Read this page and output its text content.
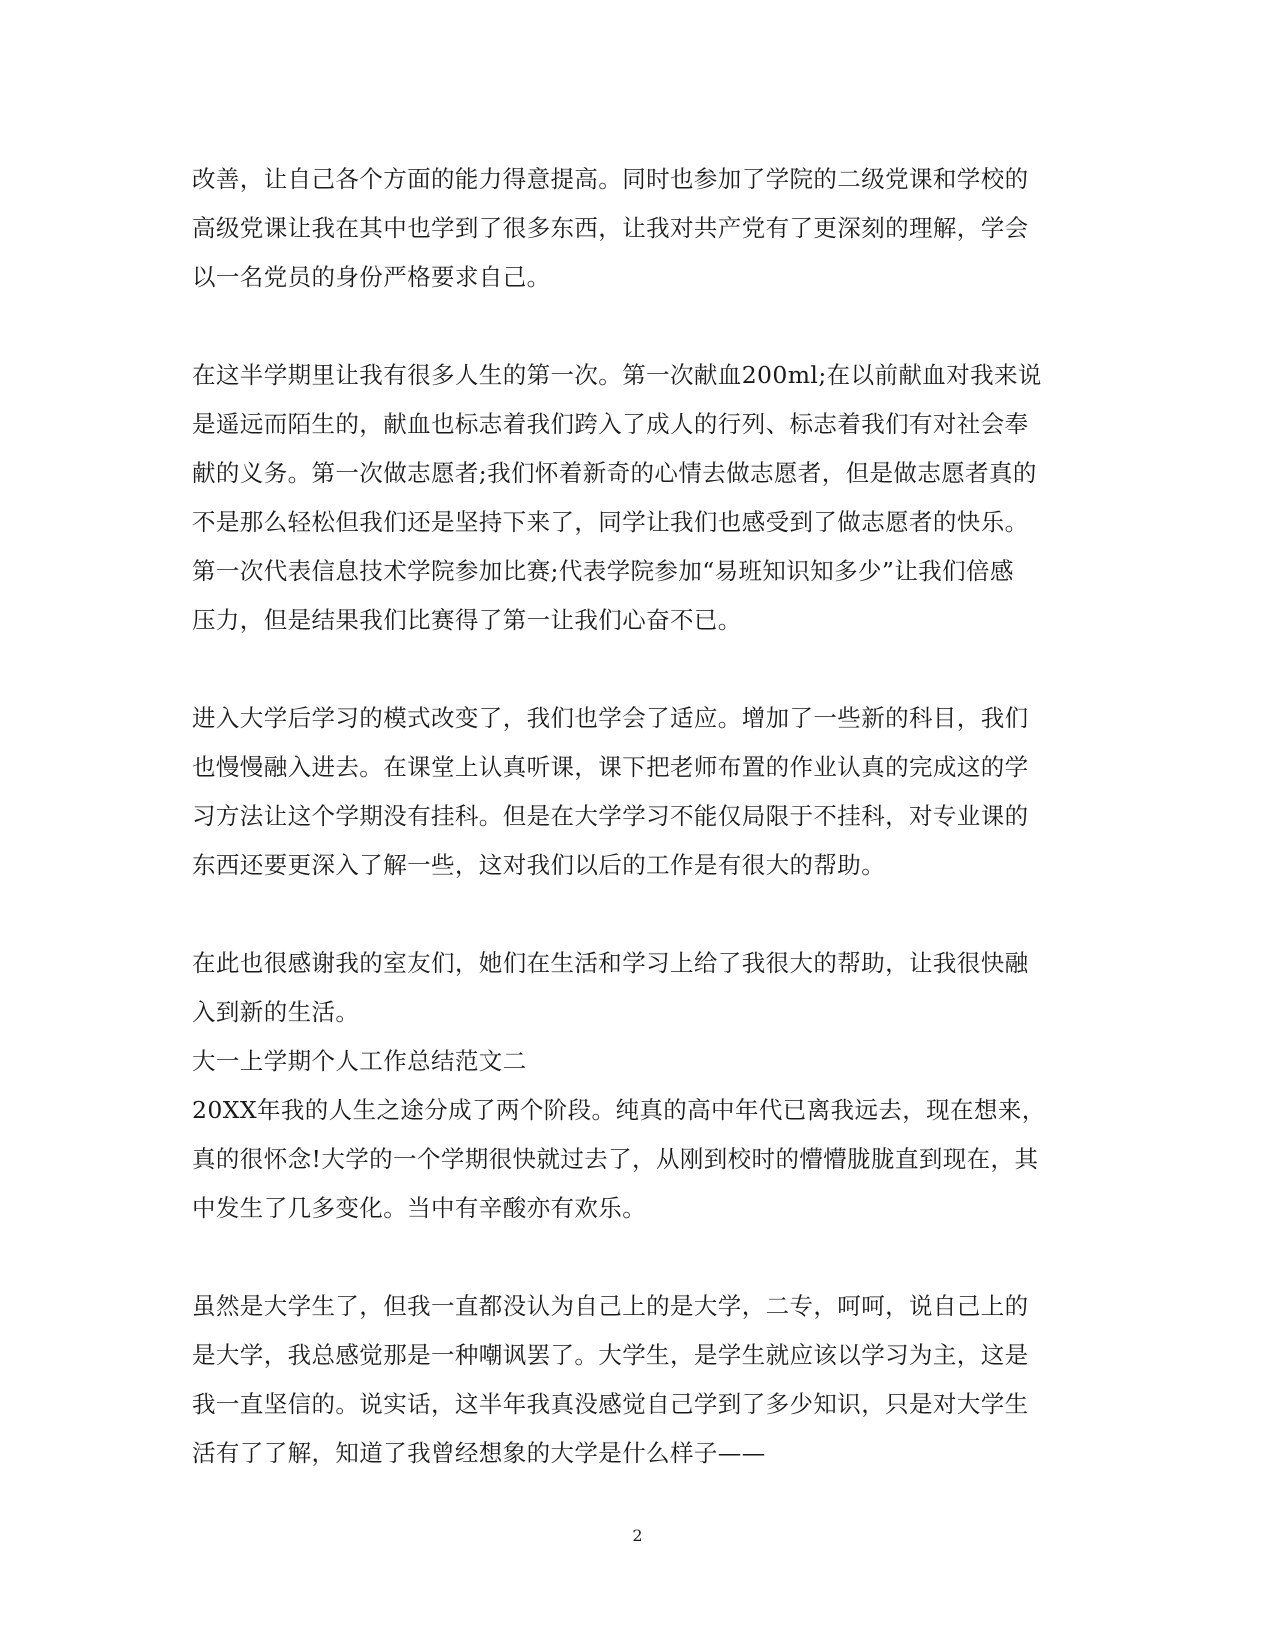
改善，让自己各个方面的能力得意提高。同时也参加了学院的二级党课和学校的
高级党课让我在其中也学到了很多东西，让我对共产党有了更深刻的理解，学会
以一名党员的身份严格要求自己。

在这半学期里让我有很多人生的第一次。第一次献血200ml;在以前献血对我来说
是遥远而陌生的，献血也标志着我们跨入了成人的行列、标志着我们有对社会奉
献的义务。第一次做志愿者;我们怀着新奇的心情去做志愿者，但是做志愿者真的
不是那么轻松但我们还是坚持下来了，同学让我们也感受到了做志愿者的快乐。
第一次代表信息技术学院参加比赛;代表学院参加“易班知识知多少”让我们倍感
压力，但是结果我们比赛得了第一让我们心奋不已。

进入大学后学习的模式改变了，我们也学会了适应。增加了一些新的科目，我们
也慢慢融入进去。在课堂上认真听课，课下把老师布置的作业认真的完成这的学
习方法让这个学期没有挂科。但是在大学学习不能仅局限于不挂科，对专业课的
东西还要更深入了解一些，这对我们以后的工作是有很大的帮助。

在此也很感谢我的室友们，她们在生活和学习上给了我很大的帮助，让我很快融
入到新的生活。

大一上学期个人工作总结范文二

20XX年我的人生之途分成了两个阶段。纯真的高中年代已离我远去，现在想来，
真的很怀念!大学的一个学期很快就过去了，从刚到校时的懵懵胧胧直到现在，其
中发生了几多变化。当中有辛酸亦有欢乐。

虽然是大学生了，但我一直都没认为自己上的是大学，二专，呵呵，说自己上的
是大学，我总感觉那是一种嘲讽罢了。大学生，是学生就应该以学习为主，这是
我一直坚信的。说实话，这半年我真没感觉自己学到了多少知识，只是对大学生
活有了了解，知道了我曾经想象的大学是什么样子——

2
